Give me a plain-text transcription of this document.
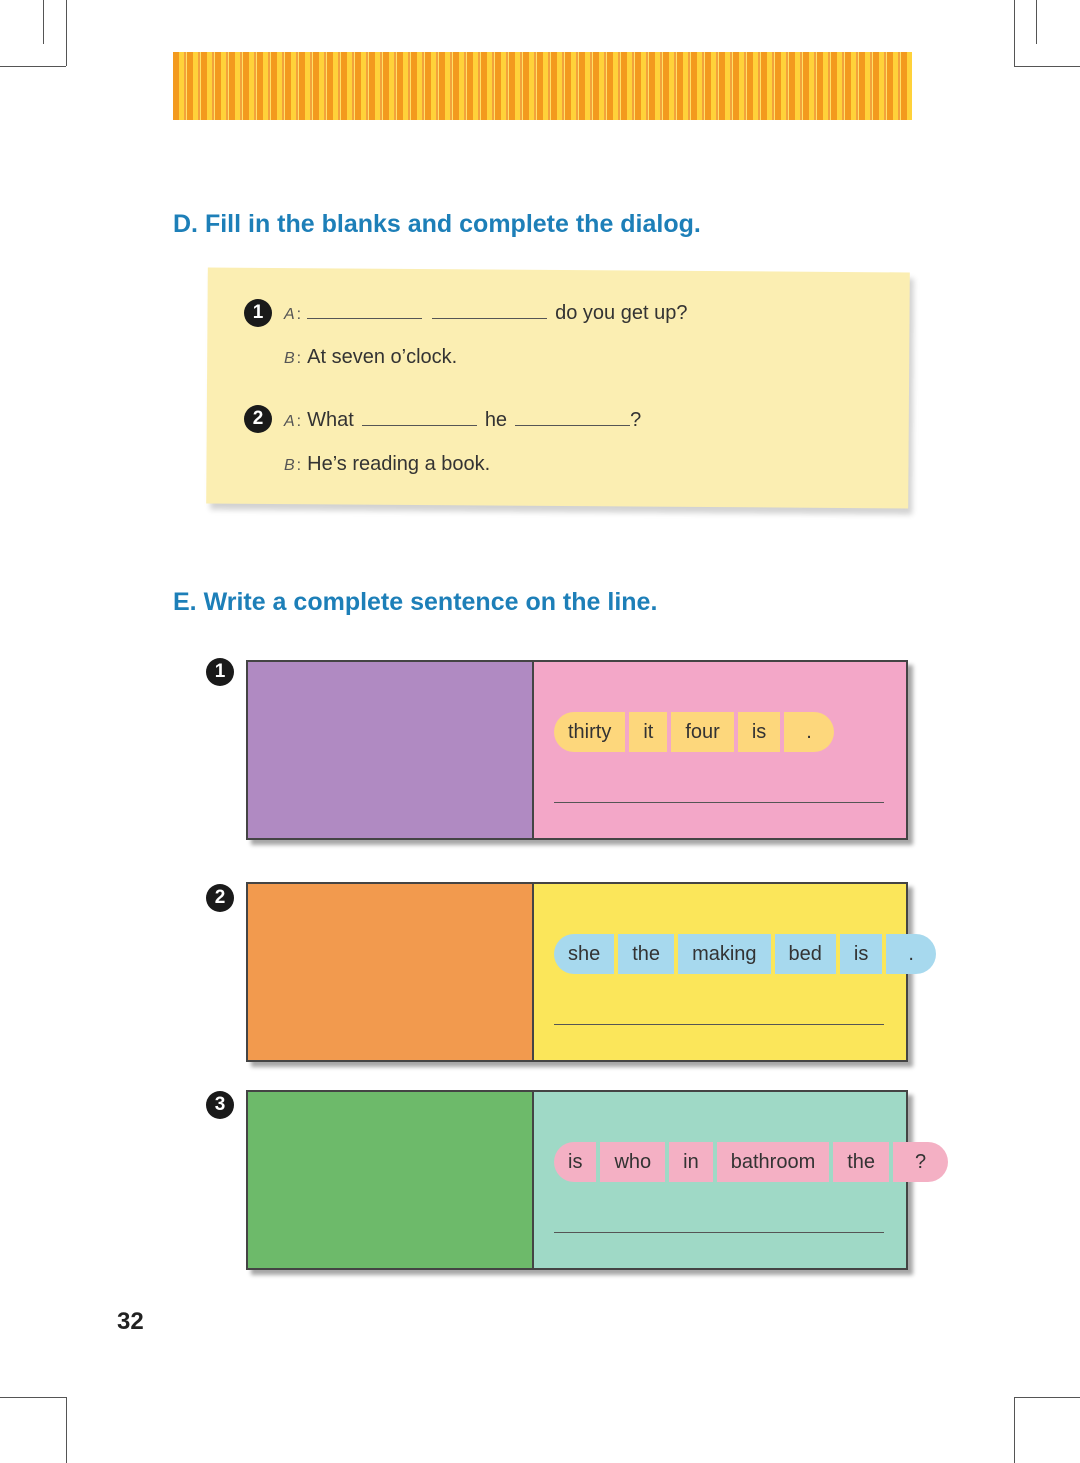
D. Fill in the blanks and complete the dialog.
1	A :	do you get up?
B : At seven o’clock.
2	A : What	he	?
B : He’s reading a book.
E. Write a complete sentence on the line.
1
thirty	it	four	is	.
2
she	the	making	bed	is	.
3
is	who	in	bathroom	the	?
32
